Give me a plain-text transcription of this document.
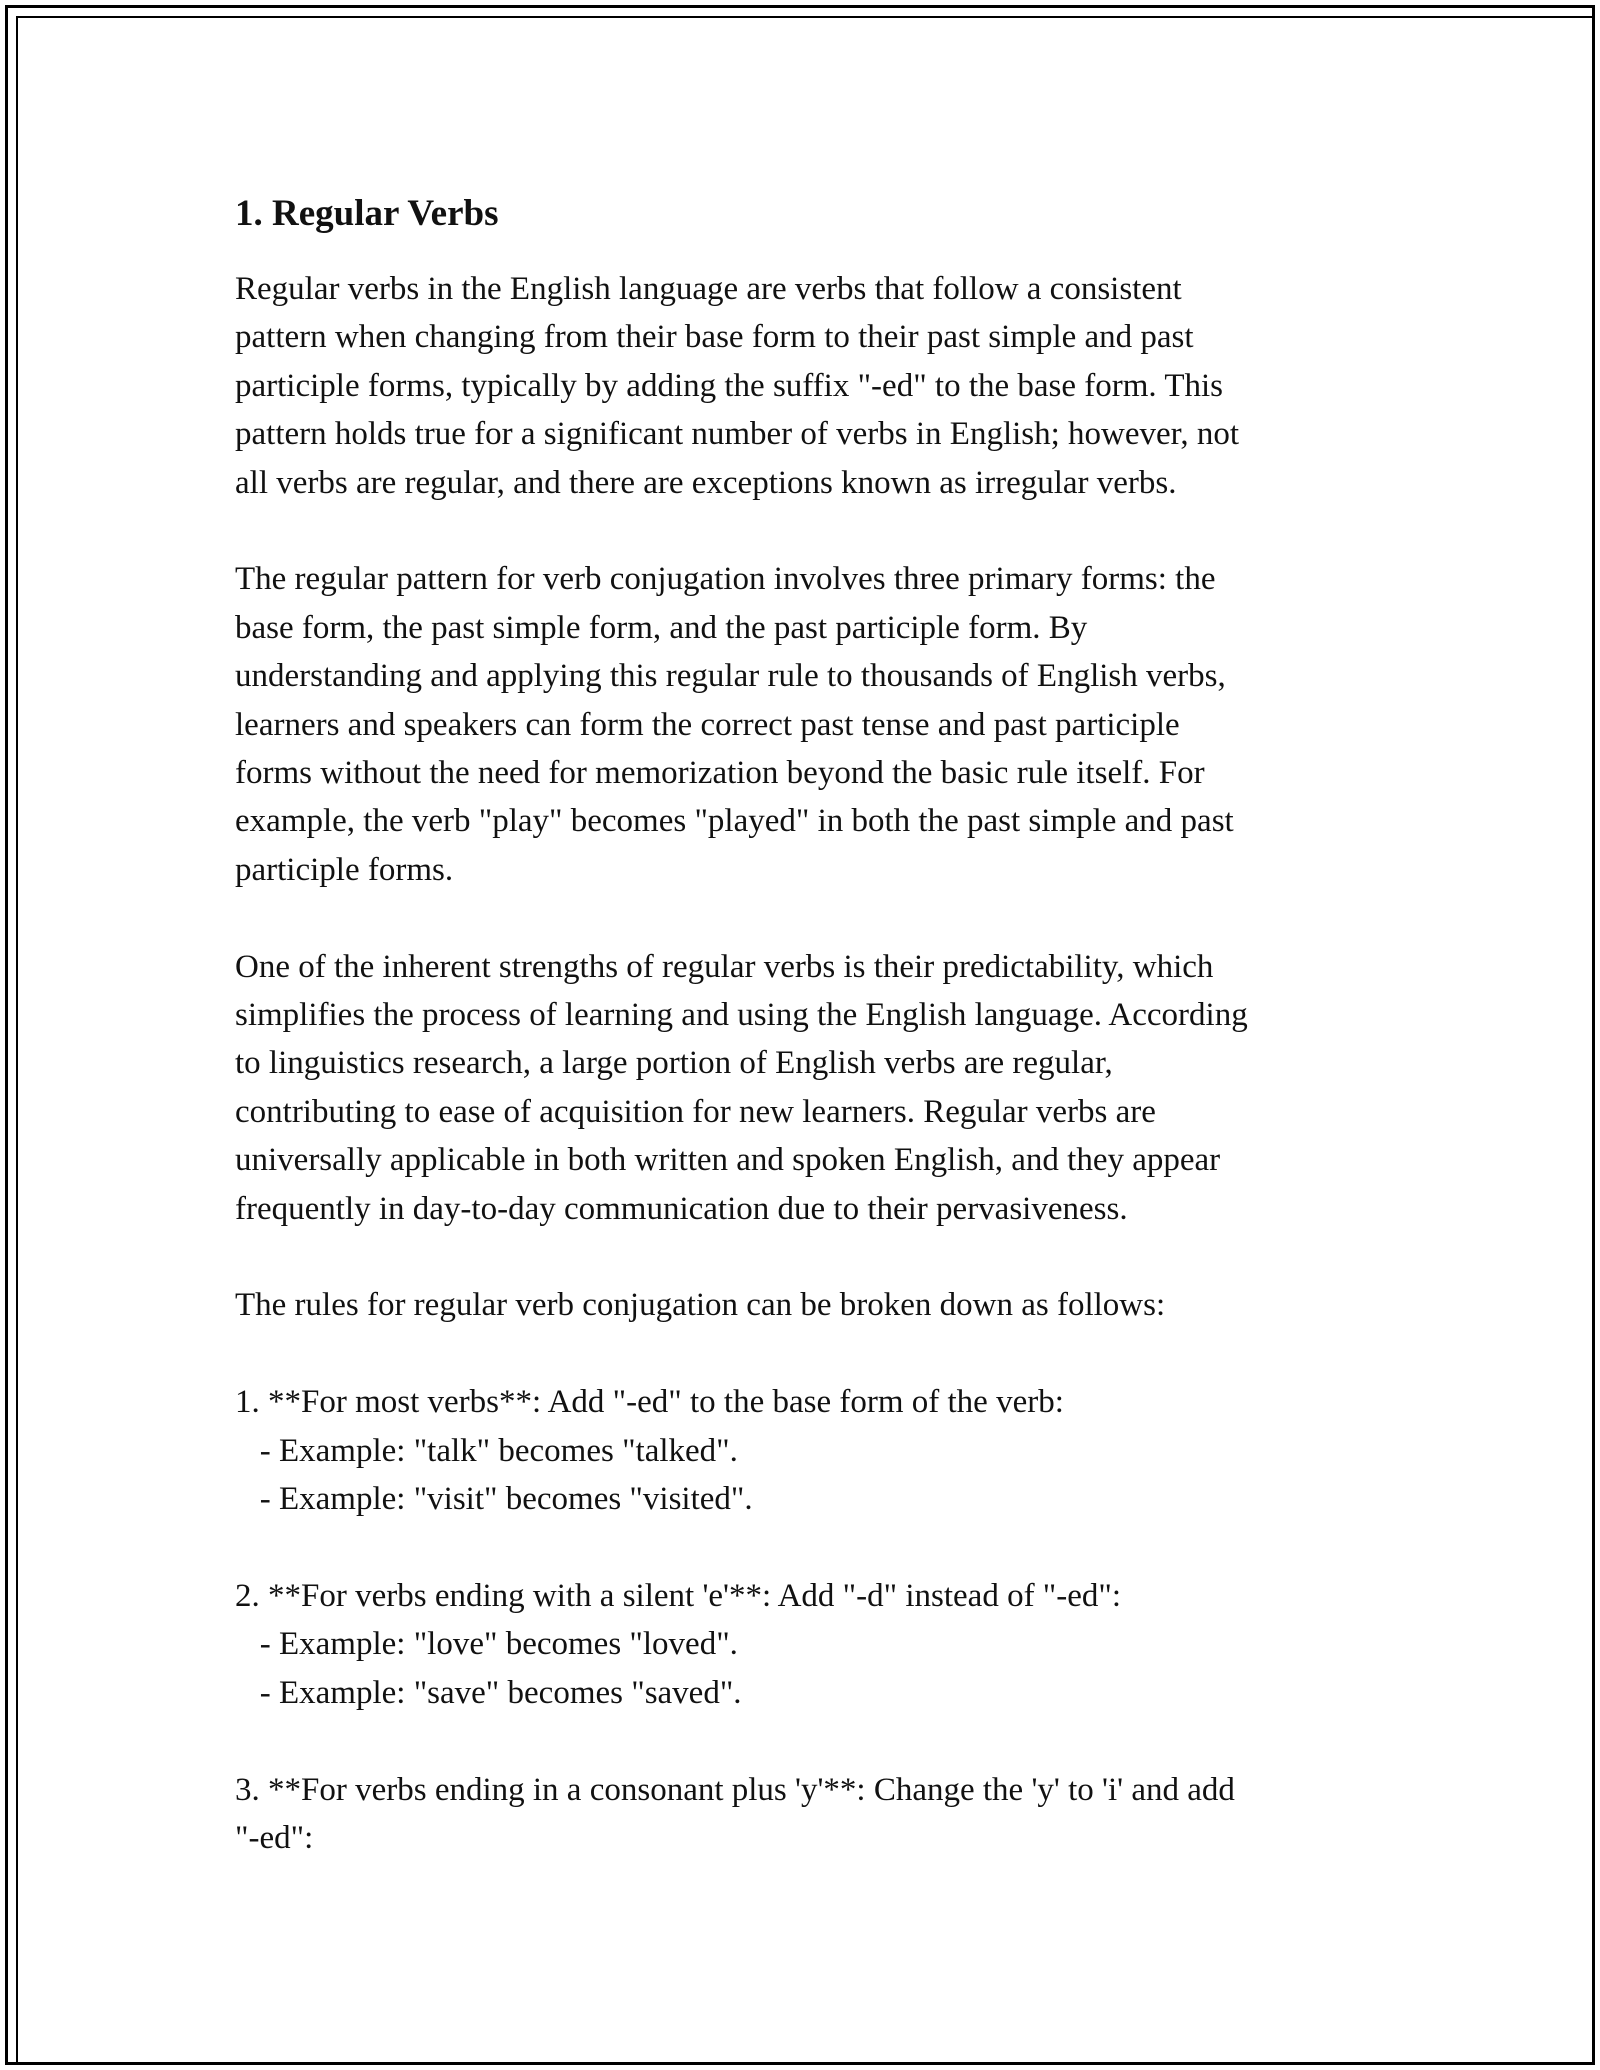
1. Regular Verbs

Regular verbs in the English language are verbs that follow a consistent
pattern when changing from their base form to their past simple and past
participle forms, typically by adding the suffix "-ed" to the base form. This
pattern holds true for a significant number of verbs in English; however, not
all verbs are regular, and there are exceptions known as irregular verbs.

The regular pattern for verb conjugation involves three primary forms: the
base form, the past simple form, and the past participle form. By
understanding and applying this regular rule to thousands of English verbs,
learners and speakers can form the correct past tense and past participle
forms without the need for memorization beyond the basic rule itself. For
example, the verb "play" becomes "played" in both the past simple and past
participle forms.

One of the inherent strengths of regular verbs is their predictability, which
simplifies the process of learning and using the English language. According
to linguistics research, a large portion of English verbs are regular,
contributing to ease of acquisition for new learners. Regular verbs are
universally applicable in both written and spoken English, and they appear
frequently in day-to-day communication due to their pervasiveness.

The rules for regular verb conjugation can be broken down as follows:

1. **For most verbs**: Add "-ed" to the base form of the verb:
- Example: "talk" becomes "talked".
- Example: "visit" becomes "visited".

2. **For verbs ending with a silent 'e'**: Add "-d" instead of "-ed":
- Example: "love" becomes "loved".
- Example: "save" becomes "saved".

3. **For verbs ending in a consonant plus 'y'**: Change the 'y' to 'i' and add
"-ed":
